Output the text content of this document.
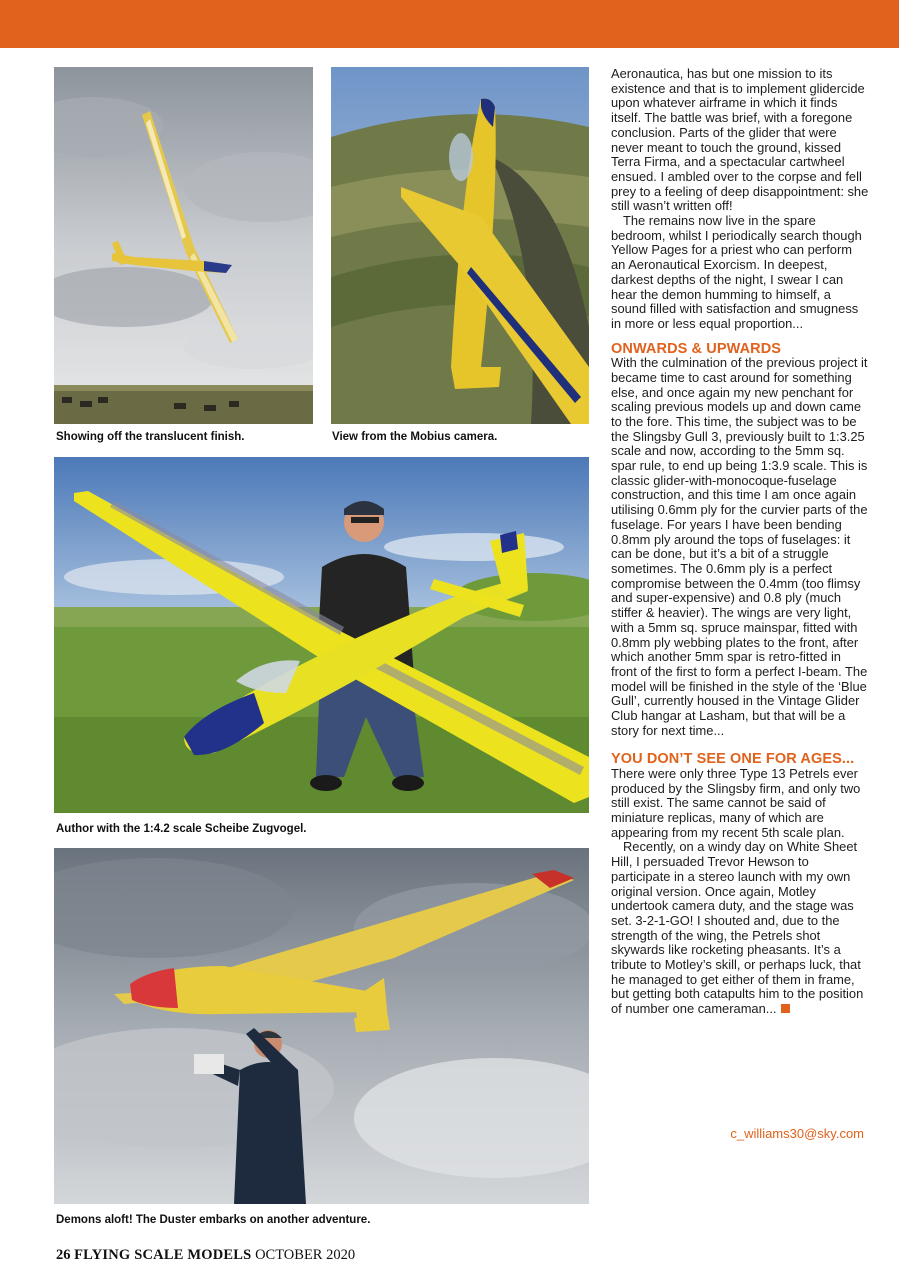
Showing off the translucent finish.	View from the Mobius camera.
Author with the 1:4.2 scale Scheibe Zugvogel.
Demons aloft! The Duster embarks on another adventure.

Aeronautica, has but one mission to its existence and that is to implement glidercide upon whatever airframe in which it finds itself. The battle was brief, with a foregone conclusion. Parts of the glider that were never meant to touch the ground, kissed Terra Firma, and a spectacular cartwheel ensued. I ambled over to the corpse and fell prey to a feeling of deep disappointment: she still wasn’t written off!

The remains now live in the spare bedroom, whilst I periodically search though Yellow Pages for a priest who can perform an Aeronautical Exorcism. In deepest, darkest depths of the night, I swear I can hear the demon humming to himself, a sound filled with satisfaction and smugness in more or less equal proportion...

ONWARDS & UPWARDS

With the culmination of the previous project it became time to cast around for something else, and once again my new penchant for scaling previous models up and down came to the fore. This time, the subject was to be the Slingsby Gull 3, previously built to 1:3.25 scale and now, according to the 5mm sq. spar rule, to end up being 1:3.9 scale. This is classic glider-with-monocoque-fuselage construction, and this time I am once again utilising 0.6mm ply for the curvier parts of the fuselage. For years I have been bending 0.8mm ply around the tops of fuselages: it can be done, but it’s a bit of a struggle sometimes. The 0.6mm ply is a perfect compromise between the 0.4mm (too flimsy and super-expensive) and 0.8 ply (much stiffer & heavier). The wings are very light, with a 5mm sq. spruce mainspar, fitted with 0.8mm ply webbing plates to the front, after which another 5mm spar is retro-fitted in front of the first to form a perfect I-beam. The model will be finished in the style of the ‘Blue Gull’, currently housed in the Vintage Glider Club hangar at Lasham, but that will be a story for next time...

YOU DON’T SEE ONE FOR AGES...

There were only three Type 13 Petrels ever produced by the Slingsby firm, and only two still exist. The same cannot be said of miniature replicas, many of which are appearing from my recent 5th scale plan.

Recently, on a windy day on White Sheet Hill, I persuaded Trevor Hewson to participate in a stereo launch with my own original version. Once again, Motley undertook camera duty, and the stage was set. 3-2-1-GO! I shouted and, due to the strength of the wing, the Petrels shot skywards like rocketing pheasants. It’s a tribute to Motley’s skill, or perhaps luck, that he managed to get either of them in frame, but getting both catapults him to the position of number one cameraman...

c_williams30@sky.com
26 FLYING SCALE MODELS OCTOBER 2020
